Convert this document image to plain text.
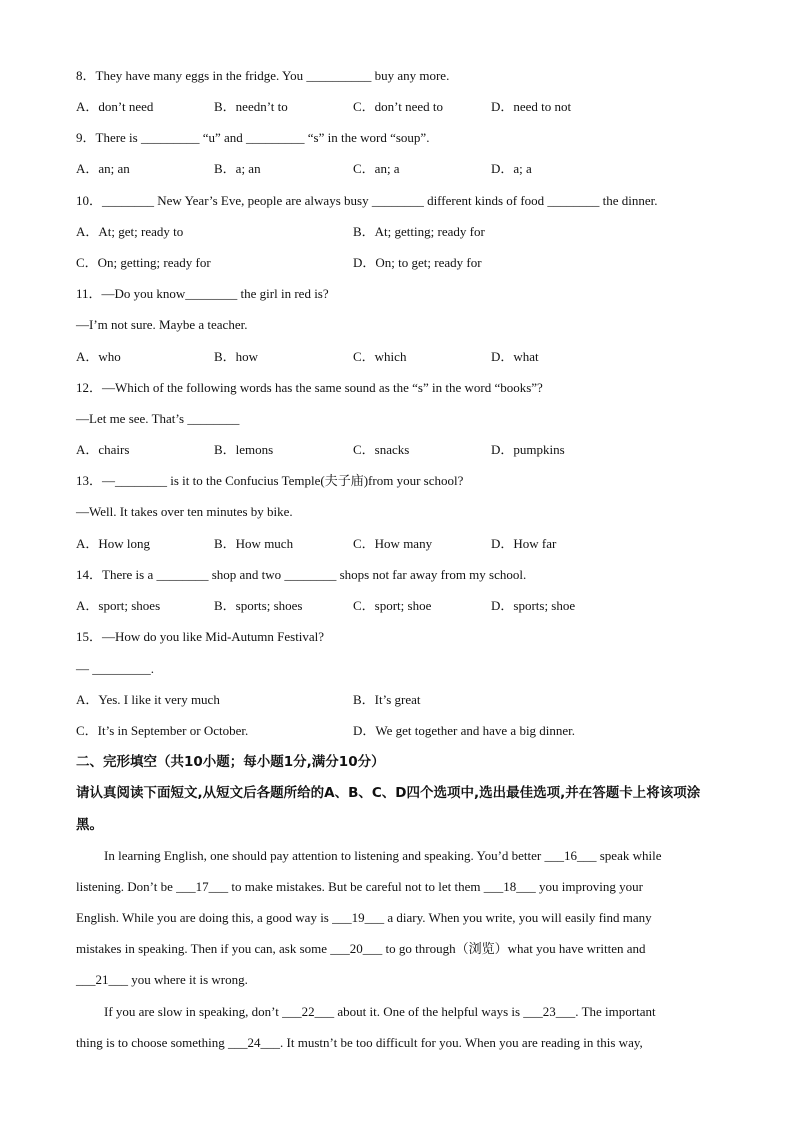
8．They have many eggs in the fridge. You __________ buy any more.
A．don’t need	B．needn’t to	C．don’t need to	D．need to not
9．There is _________ “u” and _________ “s” in the word “soup”.
A．an; an	B．a; an	C．an; a	D．a; a
10．________ New Year’s Eve, people are always busy ________ different kinds of food ________ the dinner.
A．At; get; ready to	B．At; getting; ready for
C．On; getting; ready for	D．On; to get; ready for
11．—Do you know________ the girl in red is?
—I’m not sure. Maybe a teacher.
A．who	B．how	C．which	D．what
12．—Which of the following words has the same sound as the “s” in the word “books”?
—Let me see. That’s ________
A．chairs	B．lemons	C．snacks	D．pumpkins
13．—________ is it to the Confucius Temple(夫子庙)from your school?
—Well. It takes over ten minutes by bike.
A．How long	B．How much	C．How many	D．How far
14．There is a ________ shop and two ________ shops not far away from my school.
A．sport; shoes	B．sports; shoes	C．sport; shoe	D．sports; shoe
15．—How do you like Mid-Autumn Festival?
— _________.
A．Yes. I like it very much	B．It’s great
C．It’s in September or October.	D．We get together and have a big dinner.
二、完形填空（共10小题；每小题1分,满分10分）
请认真阅读下面短文,从短文后各题所给的A、B、C、D四个选项中,选出最佳选项,并在答题卡上将该项涂
黑。
In learning English, one should pay attention to listening and speaking. You’d better ___16___ speak while
listening. Don’t be ___17___ to make mistakes. But be careful not to let them ___18___ you improving your
English. While you are doing this, a good way is ___19___ a diary. When you write, you will easily find many
mistakes in speaking. Then if you can, ask some ___20___ to go through（浏览）what you have written and
___21___ you where it is wrong.
If you are slow in speaking, don’t ___22___ about it. One of the helpful ways is ___23___. The important
thing is to choose something ___24___. It mustn’t be too difficult for you. When you are reading in this way,
